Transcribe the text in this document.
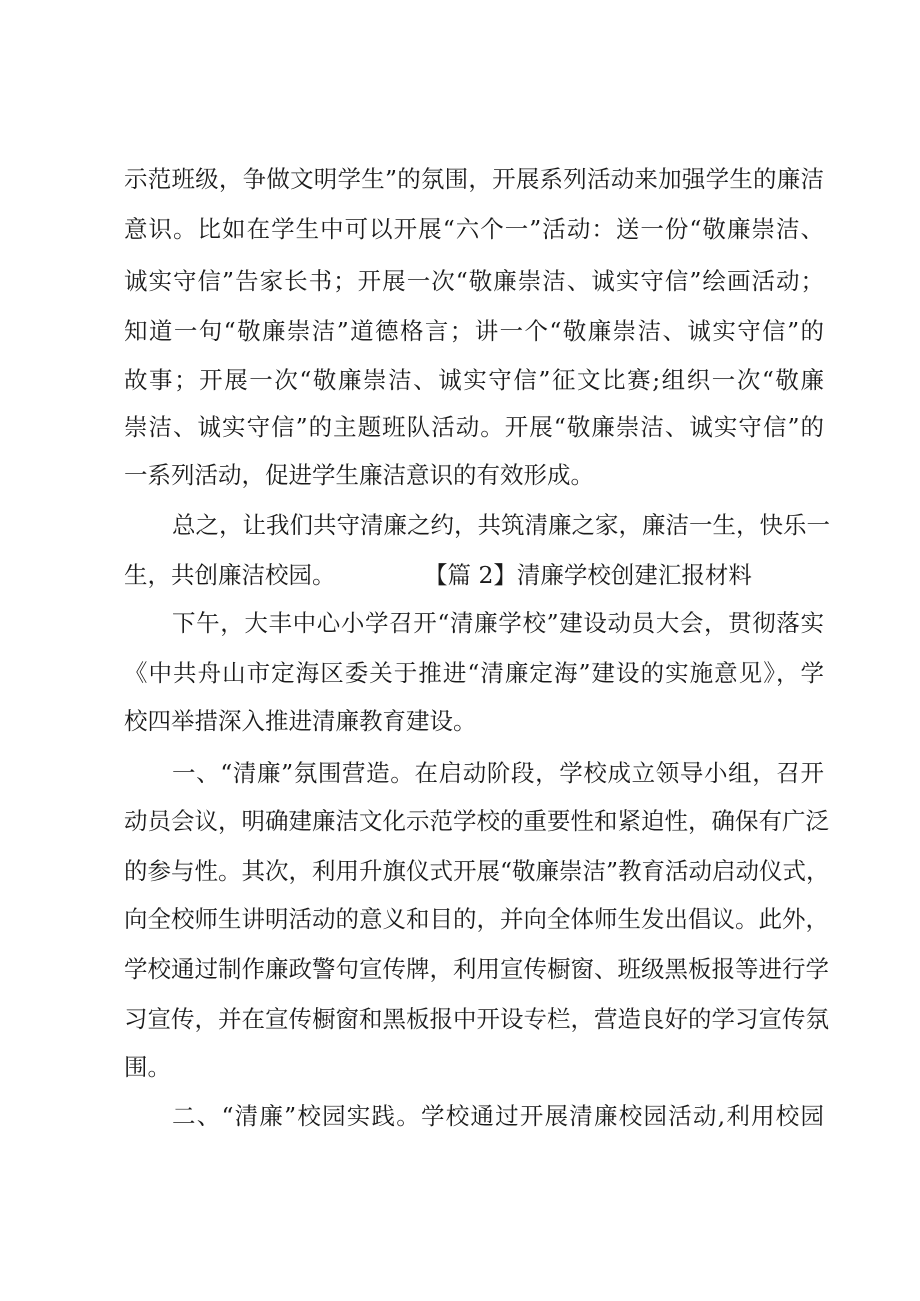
示范班级，争做文明学生”的氛围，开展系列活动来加强学生的廉洁
意识。比如在学生中可以开展“六个一”活动：送一份“敬廉崇洁、
诚实守信”告家长书；开展一次“敬廉崇洁、诚实守信”绘画活动；
知道一句“敬廉崇洁”道德格言；讲一个“敬廉崇洁、诚实守信”的
故事；开展一次“敬廉崇洁、诚实守信”征文比赛;组织一次“敬廉
崇洁、诚实守信”的主题班队活动。开展“敬廉崇洁、诚实守信”的
一系列活动，促进学生廉洁意识的有效形成。
总之，让我们共守清廉之约，共筑清廉之家，廉洁一生，快乐一
生，共创廉洁校园。	【篇 2】清廉学校创建汇报材料
下午，大丰中心小学召开“清廉学校”建设动员大会，贯彻落实
《中共舟山市定海区委关于推进“清廉定海”建设的实施意见》，学
校四举措深入推进清廉教育建设。
一、“清廉”氛围营造。在启动阶段，学校成立领导小组，召开
动员会议，明确建廉洁文化示范学校的重要性和紧迫性，确保有广泛
的参与性。其次，利用升旗仪式开展“敬廉崇洁”教育活动启动仪式，
向全校师生讲明活动的意义和目的，并向全体师生发出倡议。此外，
学校通过制作廉政警句宣传牌，利用宣传橱窗、班级黑板报等进行学
习宣传，并在宣传橱窗和黑板报中开设专栏，营造良好的学习宣传氛
围。
二、“清廉”校园实践。学校通过开展清廉校园活动,利用校园
